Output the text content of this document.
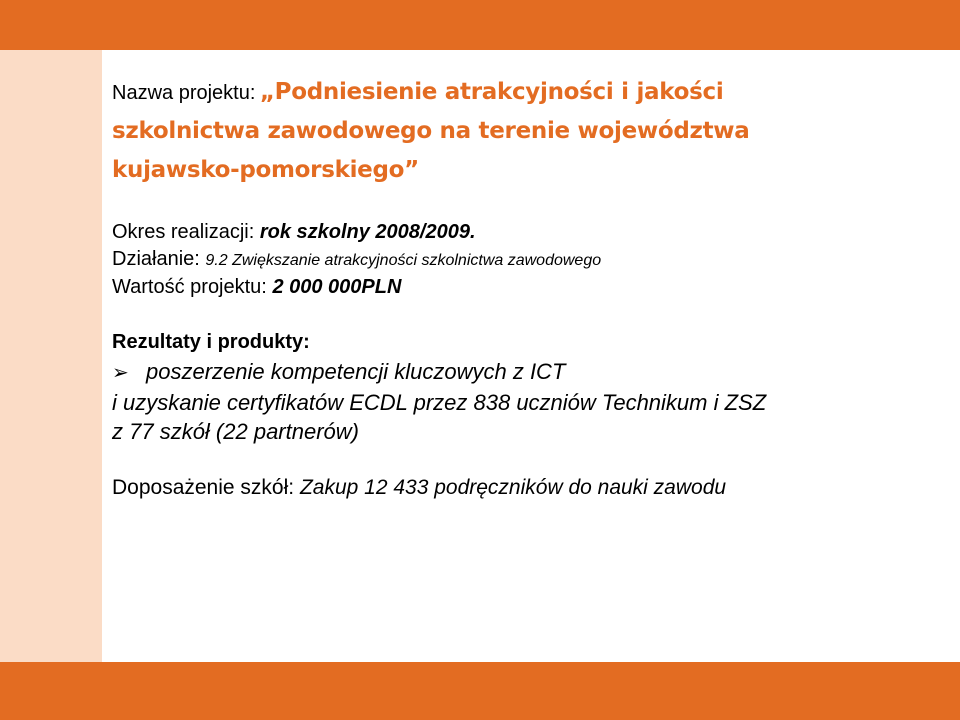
Nazwa projektu: „Podniesienie atrakcyjności i jakości
szkolnictwa zawodowego na terenie województwa
kujawsko-pomorskiego”
Okres realizacji: rok szkolny 2008/2009.
Działanie: 9.2 Zwiększanie atrakcyjności szkolnictwa zawodowego
Wartość projektu: 2 000 000PLN
Rezultaty i produkty:
➢ poszerzenie kompetencji kluczowych z ICT
i uzyskanie certyfikatów ECDL przez 838 uczniów Technikum i ZSZ
z 77 szkół (22 partnerów)
Doposażenie szkół: Zakup 12 433 podręczników do nauki zawodu
